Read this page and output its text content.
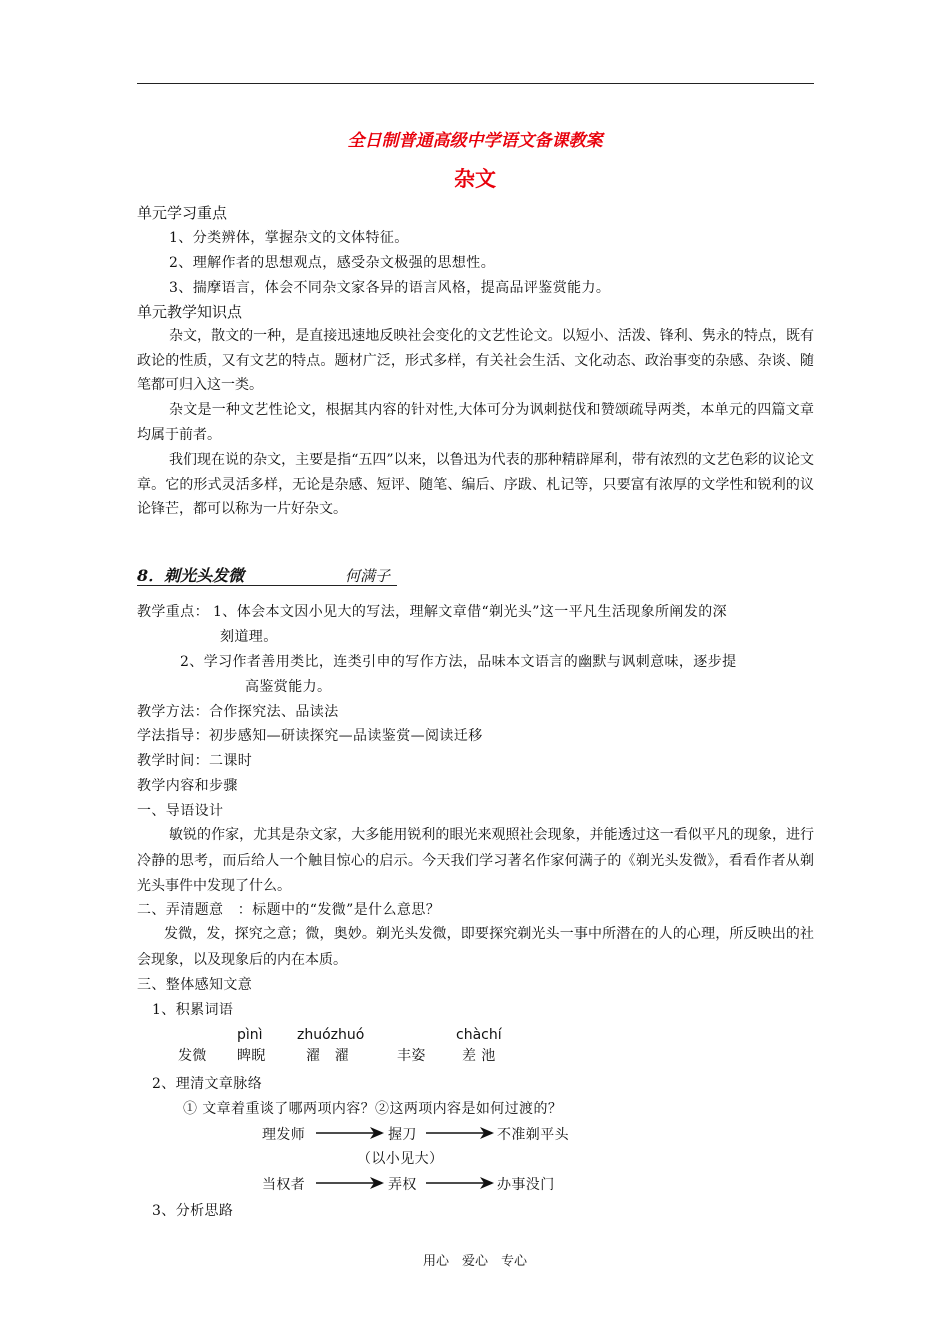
全日制普通高级中学语文备课教案
杂文
单元学习重点
1、分类辨体，掌握杂文的文体特征。
2、理解作者的思想观点，感受杂文极强的思想性。
3、揣摩语言，体会不同杂文家各异的语言风格，提高品评鉴赏能力。
单元教学知识点
杂文，散文的一种，是直接迅速地反映社会变化的文艺性论文。以短小、活泼、锋利、隽永的特点，既有政论的性质，又有文艺的特点。题材广泛，形式多样，有关社会生活、文化动态、政治事变的杂感、杂谈、随笔都可归入这一类。
杂文是一种文艺性论文，根据其内容的针对性,大体可分为讽刺挞伐和赞颂疏导两类，本单元的四篇文章均属于前者。
我们现在说的杂文，主要是指“五四”以来，以鲁迅为代表的那种精辟犀利，带有浓烈的文艺色彩的议论文章。它的形式灵活多样，无论是杂感、短评、随笔、编后、序跋、札记等，只要富有浓厚的文学性和锐利的议论锋芒，都可以称为一片好杂文。
8．剃光头发微	何满子
教学重点： 1、体会本文因小见大的写法，理解文章借“剃光头”这一平凡生活现象所阐发的深
刻道理。
2、学习作者善用类比，连类引申的写作方法，品味本文语言的幽默与讽刺意味，逐步提
高鉴赏能力。
教学方法：合作探究法、品读法
学法指导：初步感知—研读探究—品读鉴赏—阅读迁移
教学时间：二课时
教学内容和步骤
一、导语设计
敏锐的作家，尤其是杂文家，大多能用锐利的眼光来观照社会现象，并能透过这一看似平凡的现象，进行冷静的思考，而后给人一个触目惊心的启示。今天我们学习著名作家何满子的《剃光头发微》，看看作者从剃光头事件中发现了什么。
二、弄清题意　：标题中的“发微”是什么意思？
发微，发，探究之意；微，奥妙。剃光头发微，即要探究剃光头一事中所潜在的人的心理，所反映出的社会现象，以及现象后的内在本质。
三、整体感知文意
1、积累词语
pìnì zhuózhuó	chàchí
发微 睥睨	濯　濯	丰姿	差 池
2、理清文章脉络
① 文章着重谈了哪两项内容？②这两项内容是如何过渡的？
理发师	握刀	不准剃平头
（以小见大）
当权者	弄权	办事没门
3、分析思路
用心　爱心　专心
